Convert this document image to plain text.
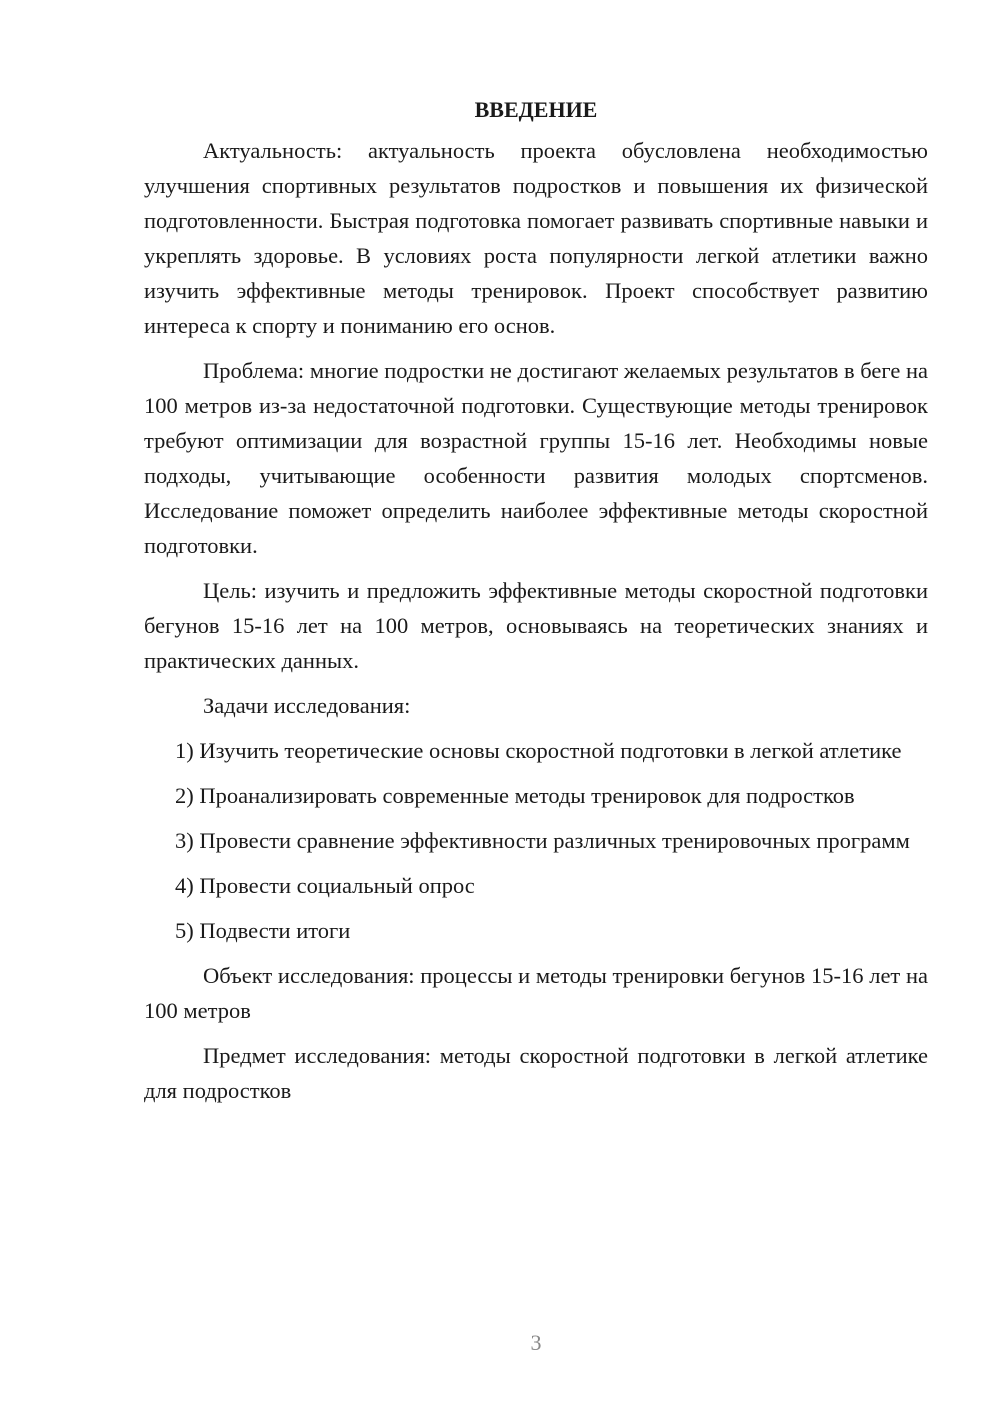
ВВЕДЕНИЕ

Актуальность: актуальность проекта обусловлена необходимостью улучшения спортивных результатов подростков и повышения их физической подготовленности. Быстрая подготовка помогает развивать спортивные навыки и укреплять здоровье. В условиях роста популярности легкой атлетики важно изучить эффективные методы тренировок. Проект способствует развитию интереса к спорту и пониманию его основ.

Проблема: многие подростки не достигают желаемых результатов в беге на 100 метров из-за недостаточной подготовки. Существующие методы тренировок требуют оптимизации для возрастной группы 15-16 лет. Необходимы новые подходы, учитывающие особенности развития молодых спортсменов. Исследование поможет определить наиболее эффективные методы скоростной подготовки.

Цель: изучить и предложить эффективные методы скоростной подготовки бегунов 15-16 лет на 100 метров, основываясь на теоретических знаниях и практических данных.

Задачи исследования:

1) Изучить теоретические основы скоростной подготовки в легкой атлетике

2) Проанализировать современные методы тренировок для подростков

3) Провести сравнение эффективности различных тренировочных программ

4) Провести социальный опрос

5) Подвести итоги

Объект исследования: процессы и методы тренировки бегунов 15-16 лет на 100 метров

Предмет исследования: методы скоростной подготовки в легкой атлетике для подростков

3
